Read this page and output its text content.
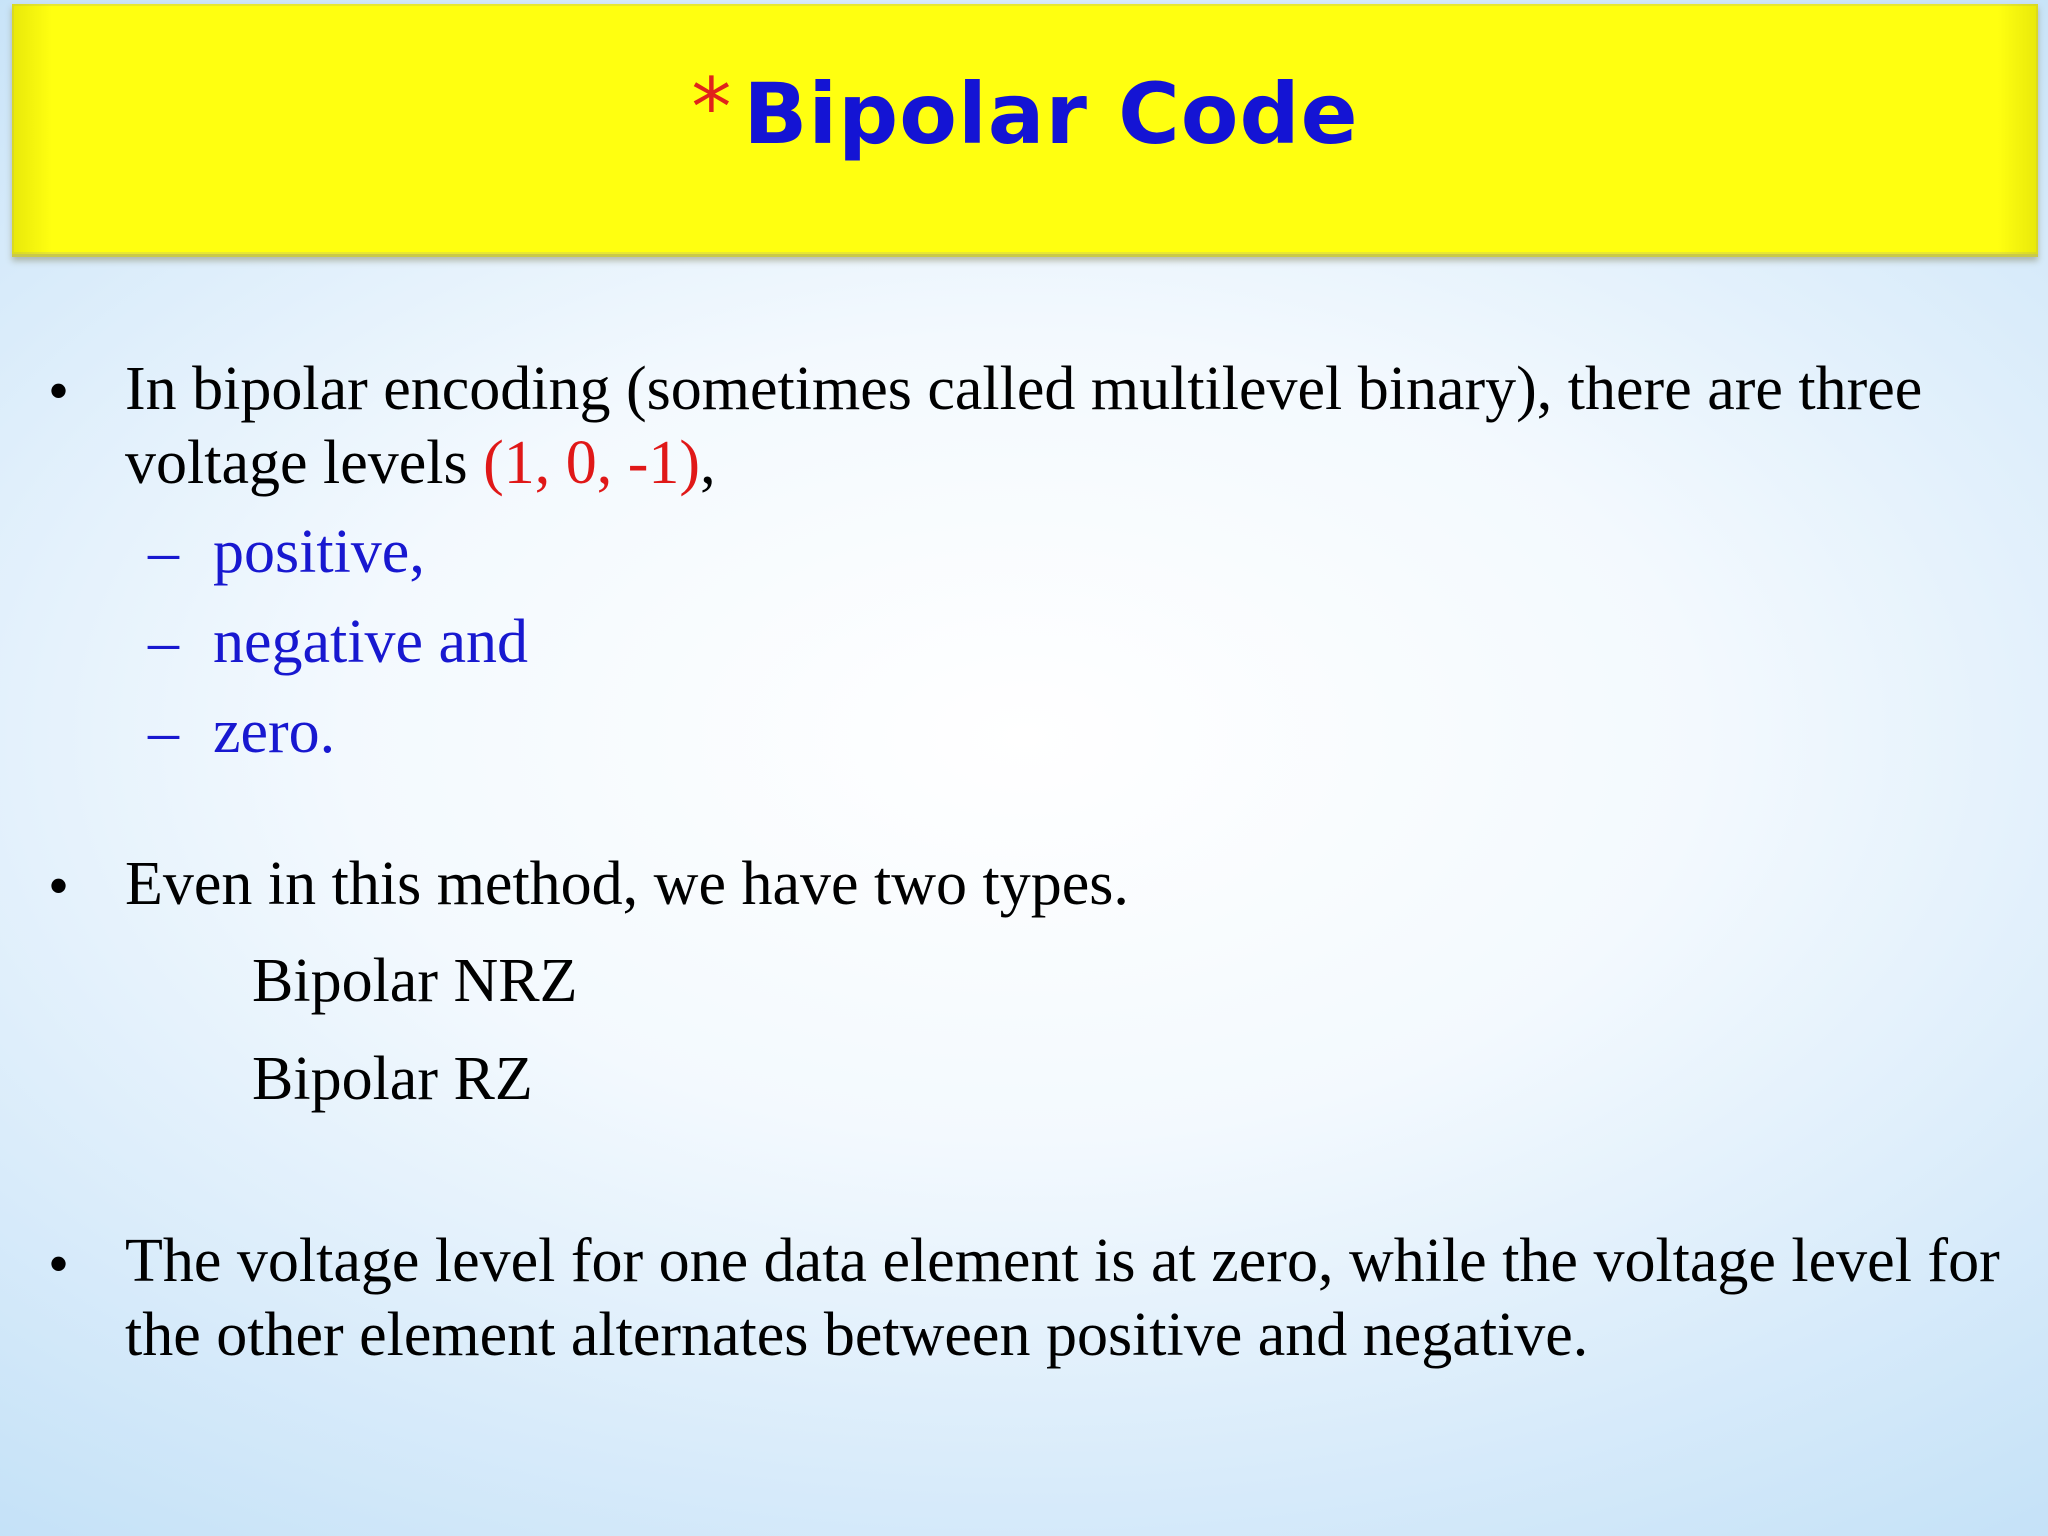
* Bipolar Code
• In bipolar encoding (sometimes called multilevel binary), there are three voltage levels (1, 0, -1),
– positive,
– negative and
– zero.
• Even in this method, we have two types.
Bipolar NRZ
Bipolar RZ
• The voltage level for one data element is at zero, while the voltage level for the other element alternates between positive and negative.
